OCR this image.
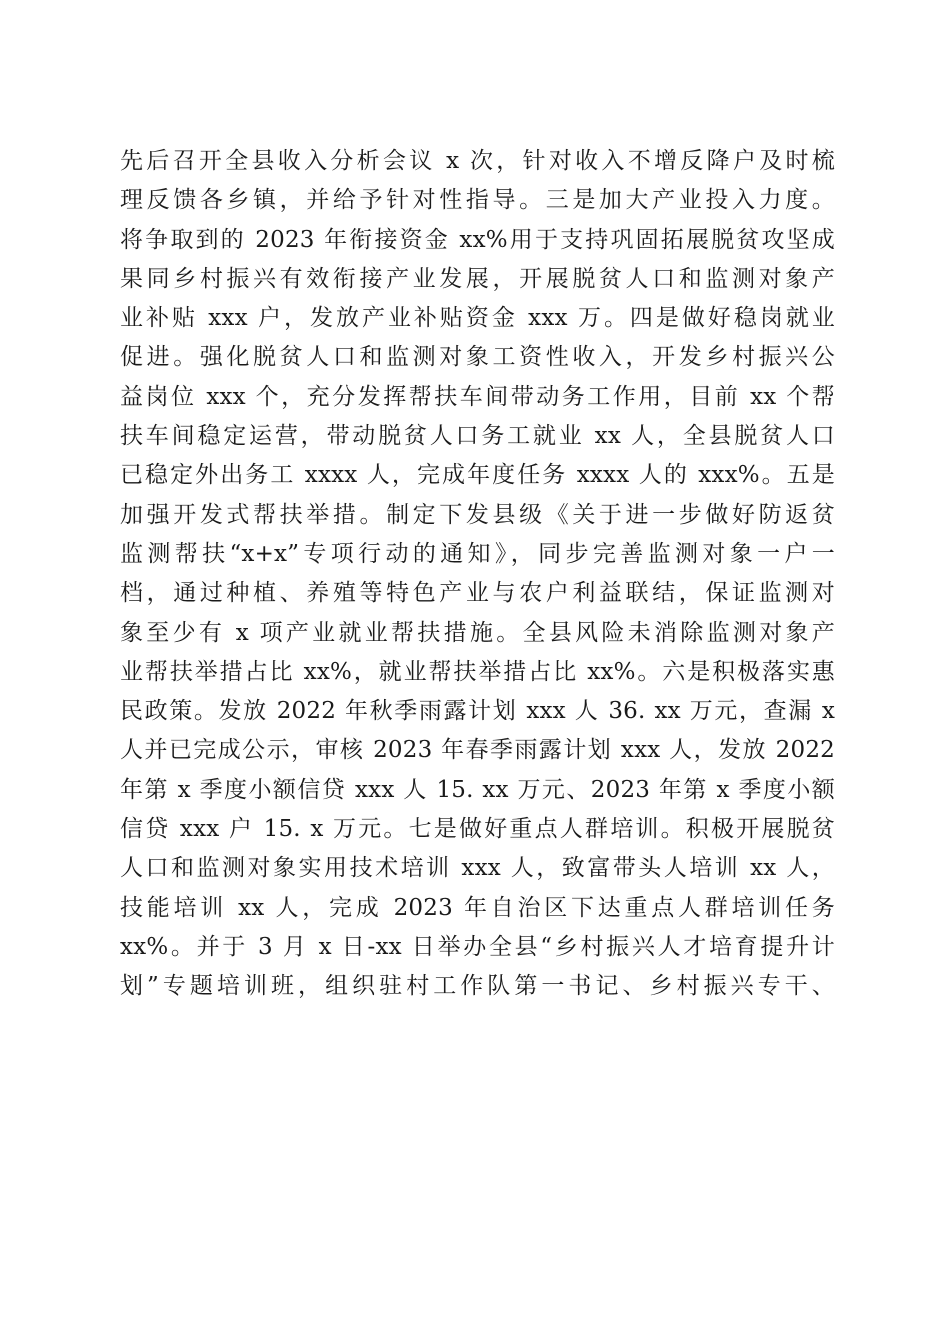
先后召开全县收入分析会议 x 次，针对收入不增反降户及时梳
理反馈各乡镇，并给予针对性指导。三是加大产业投入力度。
将争取到的 2023 年衔接资金 xx%用于支持巩固拓展脱贫攻坚成
果同乡村振兴有效衔接产业发展，开展脱贫人口和监测对象产
业补贴 xxx 户，发放产业补贴资金 xxx 万。四是做好稳岗就业
促进。强化脱贫人口和监测对象工资性收入，开发乡村振兴公
益岗位 xxx 个，充分发挥帮扶车间带动务工作用，目前 xx 个帮
扶车间稳定运营，带动脱贫人口务工就业 xx 人，全县脱贫人口
已稳定外出务工 xxxx 人，完成年度任务 xxxx 人的 xxx%。五是
加强开发式帮扶举措。制定下发县级《关于进一步做好防返贫
监测帮扶“x+x”专项行动的通知》，同步完善监测对象一户一
档，通过种植、养殖等特色产业与农户利益联结，保证监测对
象至少有 x 项产业就业帮扶措施。全县风险未消除监测对象产
业帮扶举措占比 xx%，就业帮扶举措占比 xx%。六是积极落实惠
民政策。发放 2022 年秋季雨露计划 xxx 人 36. xx 万元，查漏 x
人并已完成公示，审核 2023 年春季雨露计划 xxx 人，发放 2022
年第 x 季度小额信贷 xxx 人 15. xx 万元、2023 年第 x 季度小额
信贷 xxx 户 15. x 万元。七是做好重点人群培训。积极开展脱贫
人口和监测对象实用技术培训 xxx 人，致富带头人培训 xx 人，
技能培训 xx 人，完成 2023 年自治区下达重点人群培训任务
xx%。并于 3 月 x 日-xx 日举办全县“乡村振兴人才培育提升计
划”专题培训班，组织驻村工作队第一书记、乡村振兴专干、
